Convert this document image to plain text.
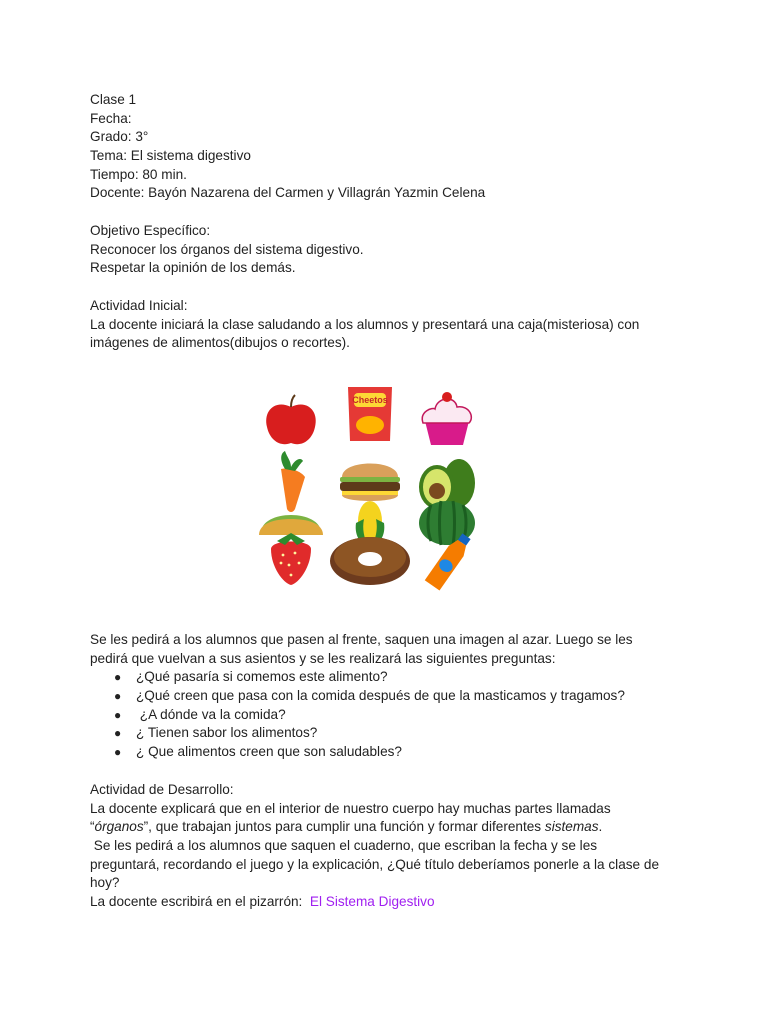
Clase 1
Fecha:
Grado: 3°
Tema: El sistema digestivo
Tiempo: 80 min.
Docente: Bayón Nazarena del Carmen y Villagrán Yazmin Celena
Objetivo Específico:
Reconocer los órganos del sistema digestivo.
Respetar la opinión de los demás.
Actividad Inicial:
La docente iniciará la clase saludando a los alumnos y presentará una caja(misteriosa) con
imágenes de alimentos(dibujos o recortes).
Cheetos
Se les pedirá a los alumnos que pasen al frente, saquen una imagen al azar. Luego se les
pedirá que vuelvan a sus asientos y se les realizará las siguientes preguntas:
● ¿Qué pasaría si comemos este alimento?
● ¿Qué creen que pasa con la comida después de que la masticamos y tragamos?
● ¿A dónde va la comida?
● ¿ Tienen sabor los alimentos?
● ¿ Que alimentos creen que son saludables?
Actividad de Desarrollo:
La docente explicará que en el interior de nuestro cuerpo hay muchas partes llamadas
“órganos”, que trabajan juntos para cumplir una función y formar diferentes sistemas.
Se les pedirá a los alumnos que saquen el cuaderno, que escriban la fecha y se les
preguntará, recordando el juego y la explicación, ¿Qué título deberíamos ponerle a la clase de
hoy?
La docente escribirá en el pizarrón:  El Sistema Digestivo
